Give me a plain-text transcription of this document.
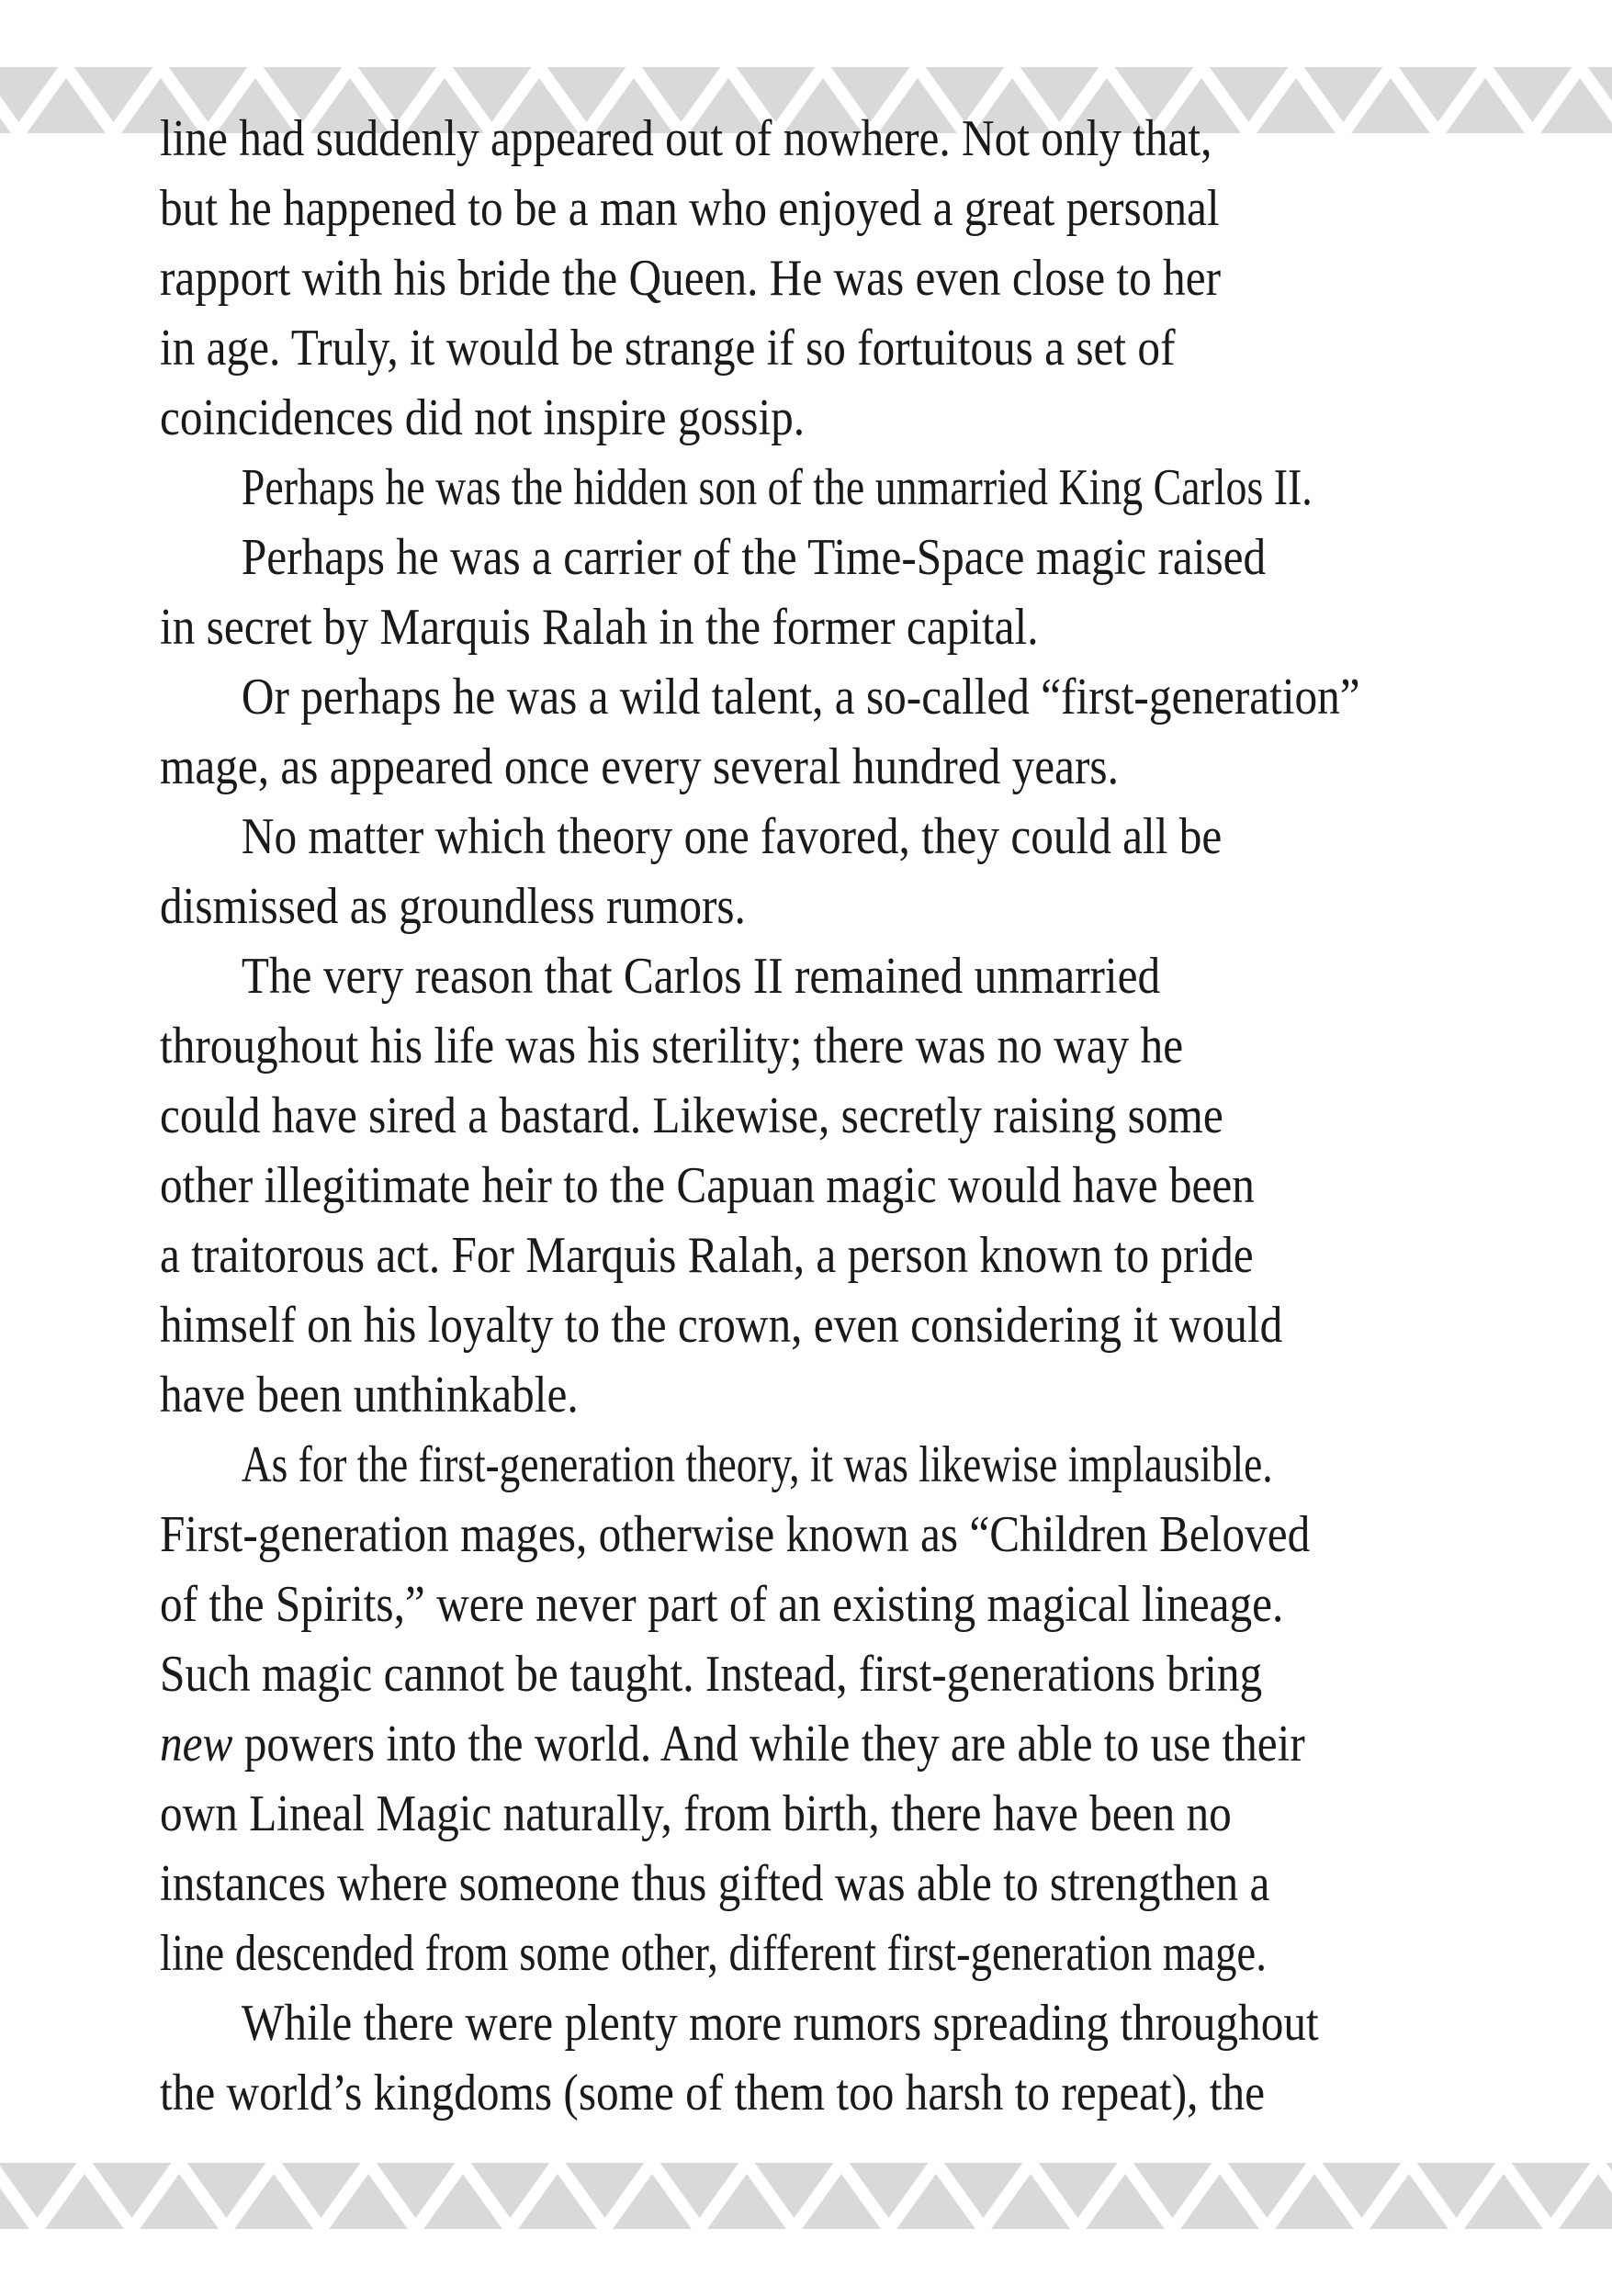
line had suddenly appeared out of nowhere. Not only that,
but he happened to be a man who enjoyed a great personal
rapport with his bride the Queen. He was even close to her
in age. Truly, it would be strange if so fortuitous a set of
coincidences did not inspire gossip.
Perhaps he was the hidden son of the unmarried King Carlos II.
Perhaps he was a carrier of the Time-Space magic raised
in secret by Marquis Ralah in the former capital.
Or perhaps he was a wild talent, a so-called “first-generation”
mage, as appeared once every several hundred years.
No matter which theory one favored, they could all be
dismissed as groundless rumors.
The very reason that Carlos II remained unmarried
throughout his life was his sterility; there was no way he
could have sired a bastard. Likewise, secretly raising some
other illegitimate heir to the Capuan magic would have been
a traitorous act. For Marquis Ralah, a person known to pride
himself on his loyalty to the crown, even considering it would
have been unthinkable.
As for the first-generation theory, it was likewise implausible.
First-generation mages, otherwise known as “Children Beloved
of the Spirits,” were never part of an existing magical lineage.
Such magic cannot be taught. Instead, first-generations bring
new powers into the world. And while they are able to use their
own Lineal Magic naturally, from birth, there have been no
instances where someone thus gifted was able to strengthen a
line descended from some other, different first-generation mage.
While there were plenty more rumors spreading throughout
the world’s kingdoms (some of them too harsh to repeat), the
